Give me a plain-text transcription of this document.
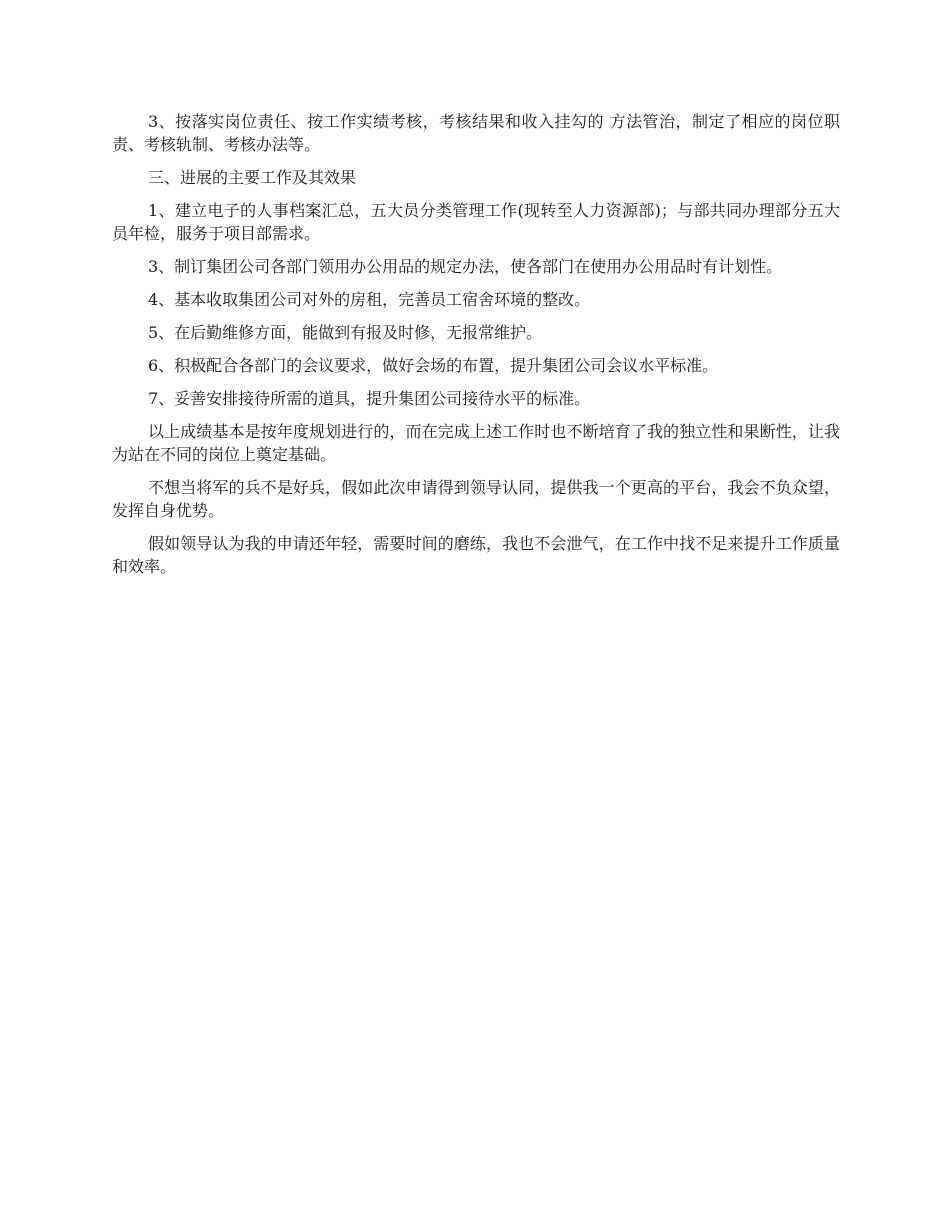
3、按落实岗位责任、按工作实绩考核，考核结果和收入挂勾的 方法管治，制定了相应的岗位职责、考核轨制、考核办法等。

三、进展的主要工作及其效果

1、建立电子的人事档案汇总，五大员分类管理工作(现转至人力资源部)；与部共同办理部分五大员年检，服务于项目部需求。

3、制订集团公司各部门领用办公用品的规定办法，使各部门在使用办公用品时有计划性。

4、基本收取集团公司对外的房租，完善员工宿舍环境的整改。

5、在后勤维修方面，能做到有报及时修，无报常维护。

6、积极配合各部门的会议要求，做好会场的布置，提升集团公司会议水平标准。

7、妥善安排接待所需的道具，提升集团公司接待水平的标准。

以上成绩基本是按年度规划进行的，而在完成上述工作时也不断培育了我的独立性和果断性，让我为站在不同的岗位上奠定基础。

不想当将军的兵不是好兵，假如此次申请得到领导认同，提供我一个更高的平台，我会不负众望，发挥自身优势。

假如领导认为我的申请还年轻，需要时间的磨练，我也不会泄气，在工作中找不足来提升工作质量和效率。
